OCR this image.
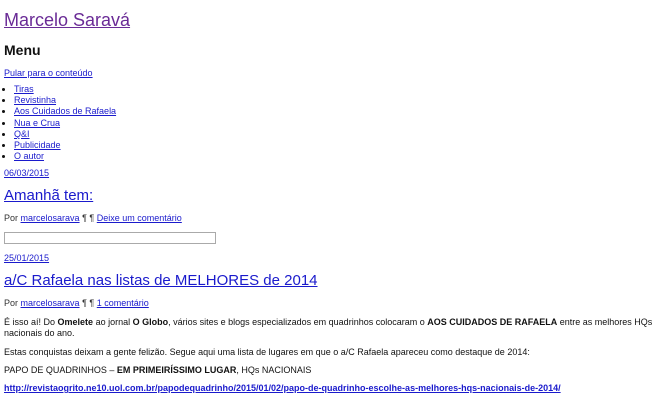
Marcelo Saravá
Menu
Pular para o conteúdo
• Tiras
• Revistinha
• Aos Cuidados de Rafaela
• Nua e Crua
• Q&I
• Publicidade
• O autor
06/03/2015
Amanhã tem:
Por marcelosarava ¶ ¶ Deixe um comentário
25/01/2015
a/C Rafaela nas listas de MELHORES de 2014
Por marcelosarava ¶ ¶ 1 comentário
É isso aí! Do Omelete ao jornal O Globo, vários sites e blogs especializados em quadrinhos colocaram o AOS CUIDADOS DE RAFAELA entre as melhores HQs
nacionais do ano.
Estas conquistas deixam a gente felizão. Segue aqui uma lista de lugares em que o a/C Rafaela apareceu como destaque de 2014:
PAPO DE QUADRINHOS – EM PRIMEIRÍSSIMO LUGAR, HQs NACIONAIS
http://revistaogrito.ne10.uol.com.br/papodequadrinho/2015/01/02/papo-de-quadrinho-escolhe-as-melhores-hqs-nacionais-de-2014/
